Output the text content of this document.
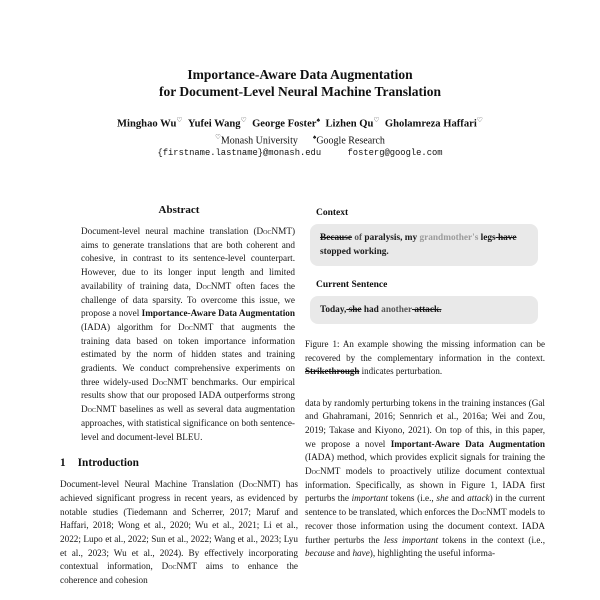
Importance-Aware Data Augmentation
for Document-Level Neural Machine Translation
Minghao Wu♡ Yufei Wang♡ George Foster♠ Lizhen Qu♡ Gholamreza Haffari♡
♡Monash University ♠Google Research
{firstname.lastname}@monash.edu	fosterg@google.com
Abstract

Document-level neural machine translation (DocNMT) aims to generate translations that are both coherent and cohesive, in contrast to its sentence-level counterpart. However, due to its longer input length and limited availability of training data, DocNMT often faces the challenge of data sparsity. To overcome this issue, we propose a novel Importance-Aware Data Augmentation (IADA) algorithm for DocNMT that augments the training data based on token importance information estimated by the norm of hidden states and training gradients. We conduct comprehensive experiments on three widely-used DocNMT benchmarks. Our empirical results show that our proposed IADA outperforms strong DocNMT baselines as well as several data augmentation approaches, with statistical significance on both sentence-level and document-level BLEU.

1 Introduction

Document-level Neural Machine Translation (DocNMT) has achieved significant progress in recent years, as evidenced by notable studies (Tiedemann and Scherrer, 2017; Maruf and Haffari, 2018; Wong et al., 2020; Wu et al., 2021; Li et al., 2022; Lupo et al., 2022; Sun et al., 2022; Wang et al., 2023; Lyu et al., 2023; Wu et al., 2024). By effectively incorporating contextual information, DocNMT aims to enhance the coherence and cohesion

Context
Because of paralysis, my grandmother's legs have stopped working.
Current Sentence
Today, she had another attack.

Figure 1: An example showing the missing information can be recovered by the complementary information in the context. Strikethrough indicates perturbation.

data by randomly perturbing tokens in the training instances (Gal and Ghahramani, 2016; Sennrich et al., 2016a; Wei and Zou, 2019; Takase and Kiyono, 2021). On top of this, in this paper, we propose a novel Important-Aware Data Augmentation (IADA) method, which provides explicit signals for training the DocNMT models to proactively utilize document contextual information. Specifically, as shown in Figure 1, IADA first perturbs the important tokens (i.e., she and attack) in the current sentence to be translated, which enforces the DocNMT models to recover those information using the document context. IADA further perturbs the less important tokens in the context (i.e., because and have), highlighting the useful informa-
